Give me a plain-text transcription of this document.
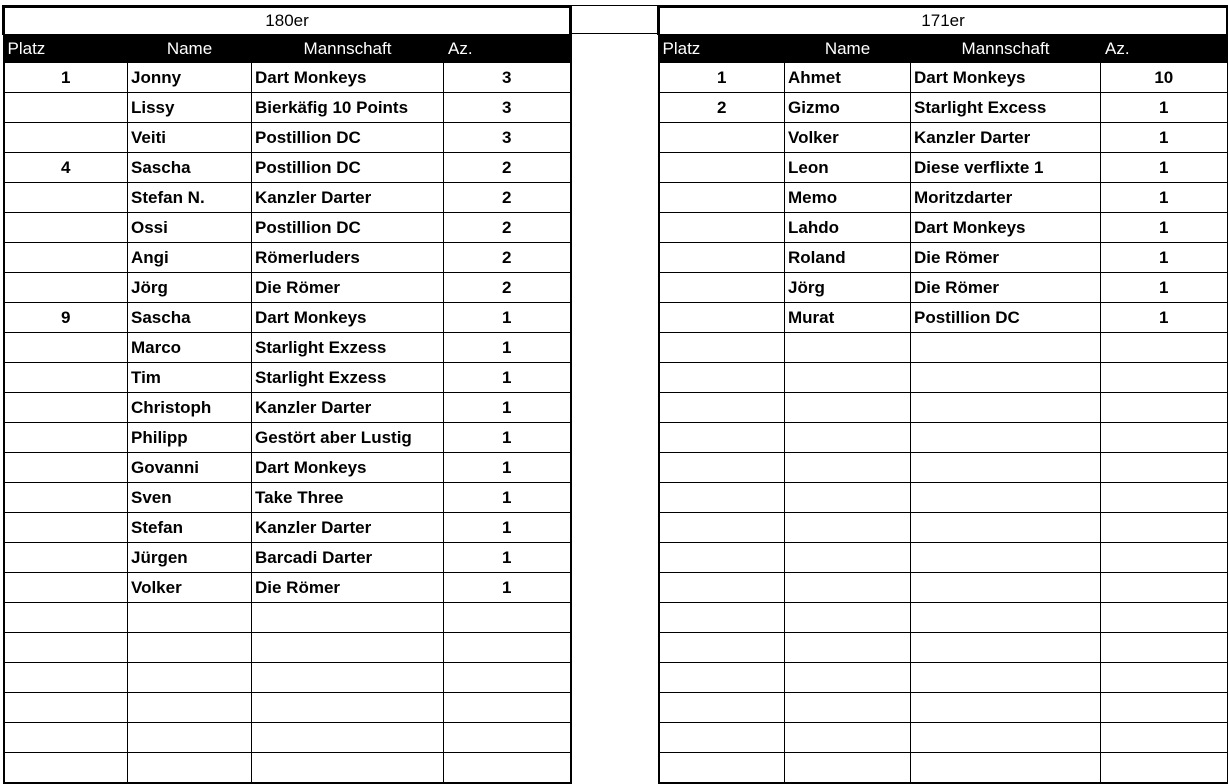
180er			
Platz	Name	Mannschaft	Az.
1	Jonny	Dart Monkeys	3
	Lissy	Bierkäfig 10 Points	3
	Veiti	Postillion DC	3
4	Sascha	Postillion DC	2
	Stefan N.	Kanzler Darter	2
	Ossi	Postillion DC	2
	Angi	Römerluders	2
	Jörg	Die Römer	2
9	Sascha	Dart Monkeys	1
	Marco	Starlight Exzess	1
	Tim	Starlight Exzess	1
	Christoph	Kanzler Darter	1
	Philipp	Gestört aber Lustig	1
	Govanni	Dart Monkeys	1
	Sven	Take Three	1
	Stefan	Kanzler Darter	1
	Jürgen	Barcadi Darter	1
	Volker	Die Römer	1

171er			
Platz	Name	Mannschaft	Az.
1	Ahmet	Dart Monkeys	10
2	Gizmo	Starlight Excess	1
	Volker	Kanzler Darter	1
	Leon	Diese verflixte 1	1
	Memo	Moritzdarter	1
	Lahdo	Dart Monkeys	1
	Roland	Die Römer	1
	Jörg	Die Römer	1
	Murat	Postillion DC	1
